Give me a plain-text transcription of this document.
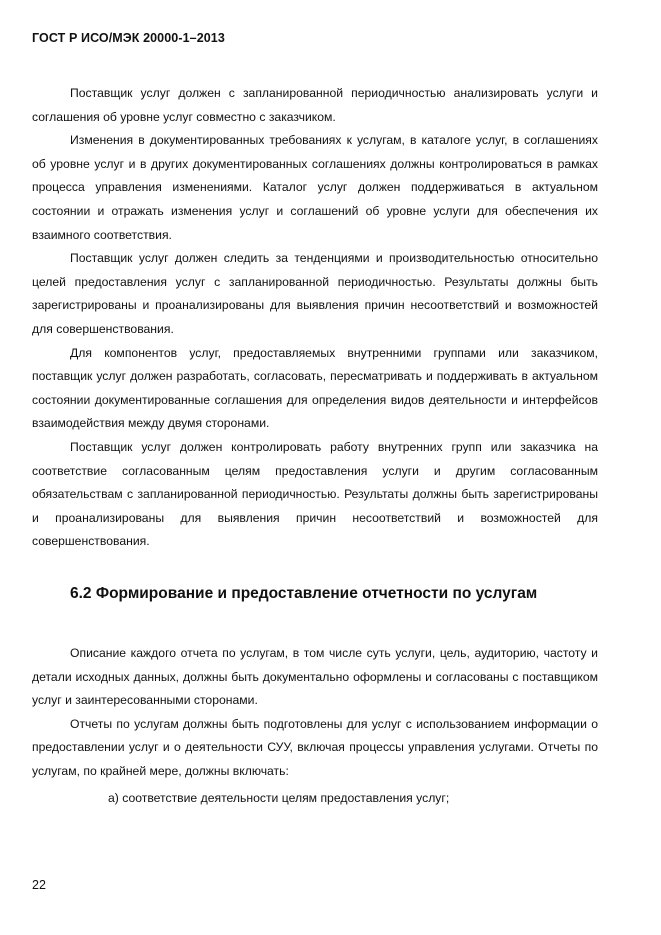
ГОСТ Р ИСО/МЭК 20000-1–2013

Поставщик услуг должен с запланированной периодичностью анализировать услуги и соглашения об уровне услуг совместно с заказчиком.

Изменения в документированных требованиях к услугам, в каталоге услуг, в соглашениях об уровне услуг и в других документированных соглашениях должны контролироваться в рамках процесса управления изменениями. Каталог услуг должен поддерживаться в актуальном состоянии и отражать изменения услуг и соглашений об уровне услуги для обеспечения их взаимного соответствия.

Поставщик услуг должен следить за тенденциями и производительностью относительно целей предоставления услуг с запланированной периодичностью. Результаты должны быть зарегистрированы и проанализированы для выявления причин несоответствий и возможностей для совершенствования.

Для компонентов услуг, предоставляемых внутренними группами или заказчиком, поставщик услуг должен разработать, согласовать, пересматривать и поддерживать в актуальном состоянии документированные соглашения для определения видов деятельности и интерфейсов взаимодействия между двумя сторонами.

Поставщик услуг должен контролировать работу внутренних групп или заказчика на соответствие согласованным целям предоставления услуги и другим согласованным обязательствам с запланированной периодичностью. Результаты должны быть зарегистрированы и проанализированы для выявления причин несоответствий и возможностей для совершенствования.

6.2 Формирование и предоставление отчетности по услугам

Описание каждого отчета по услугам, в том числе суть услуги, цель, аудиторию, частоту и детали исходных данных, должны быть документально оформлены и согласованы с поставщиком услуг и заинтересованными сторонами.

Отчеты по услугам должны быть подготовлены для услуг с использованием информации о предоставлении услуг и о деятельности СУУ, включая процессы управления услугами. Отчеты по услугам, по крайней мере, должны включать:

а) соответствие деятельности целям предоставления услуг;
22
